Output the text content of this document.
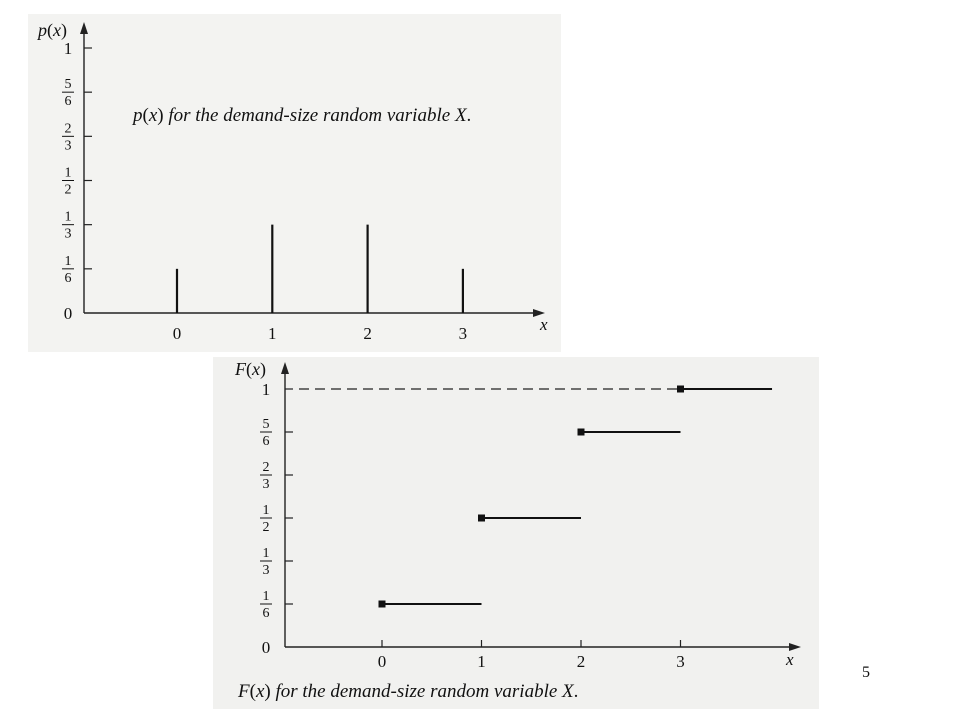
0
1
6
1
3
1
2
2
3
5
6
1
0	1	2	3
p(x)
x
p(x) for the demand-size random variable X.
0
1
6
1
3
1
2
2
3
5
6
1
0	1	2	3
F(x)
x
F(x) for the demand-size random variable X.
5
